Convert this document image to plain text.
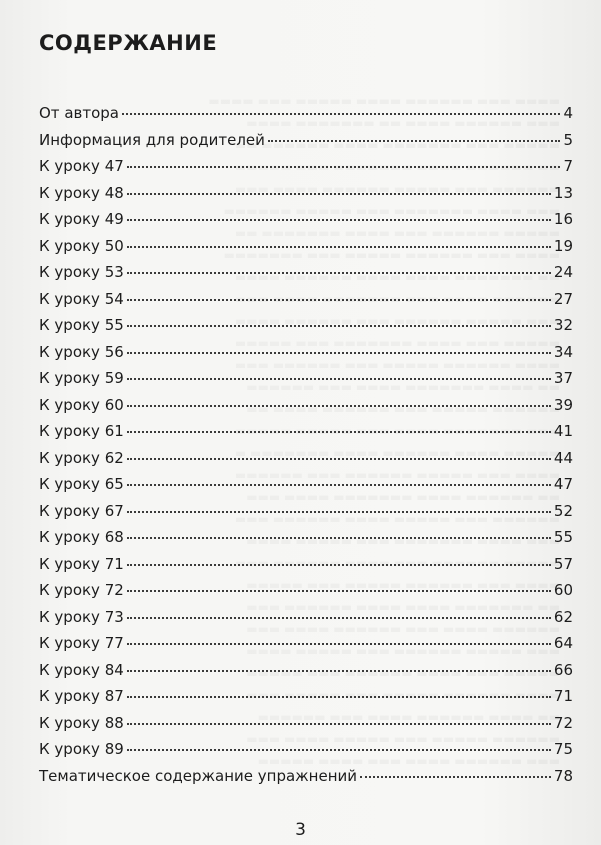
СОДЕРЖАНИЕ
От автора	4
Информация для родителей	5
К уроку 47	7
К уроку 48	13
К уроку 49	16
К уроку 50	19
К уроку 53	24
К уроку 54	27
К уроку 55	32
К уроку 56	34
К уроку 59	37
К уроку 60	39
К уроку 61	41
К уроку 62	44
К уроку 65	47
К уроку 67	52
К уроку 68	55
К уроку 71	57
К уроку 72	60
К уроку 73	62
К уроку 77	64
К уроку 84	66
К уроку 87	71
К уроку 88	72
К уроку 89	75
Тематическое содержание упражнений	78
3
